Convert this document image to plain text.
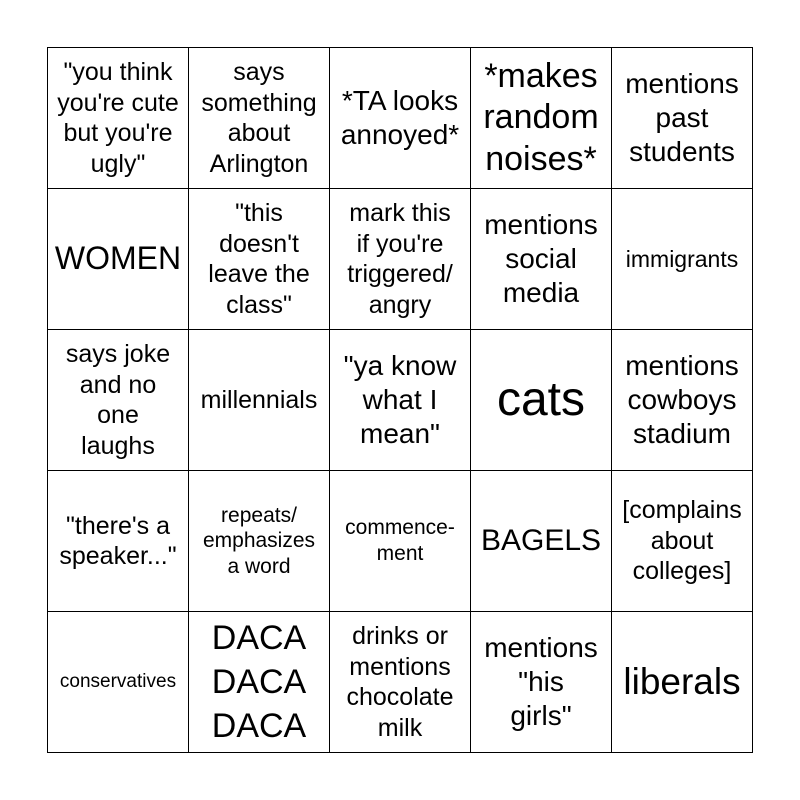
"you think
you're cute
but you're
ugly"
says
something
about
Arlington
*TA looks
annoyed*
*makes
random
noises*
mentions
past
students
WOMEN
"this
doesn't
leave the
class"
mark this
if you're
triggered/
angry
mentions
social
media
immigrants
says joke
and no
one
laughs
millennials
"ya know
what I
mean"
cats
mentions
cowboys
stadium
"there's a
speaker..."
repeats/
emphasizes
a word
commence-
ment	BAGELS
[complains
about
colleges]
conservatives
DACA
DACA
DACA
drinks or
mentions
chocolate
milk
mentions
"his
girls"
liberals
